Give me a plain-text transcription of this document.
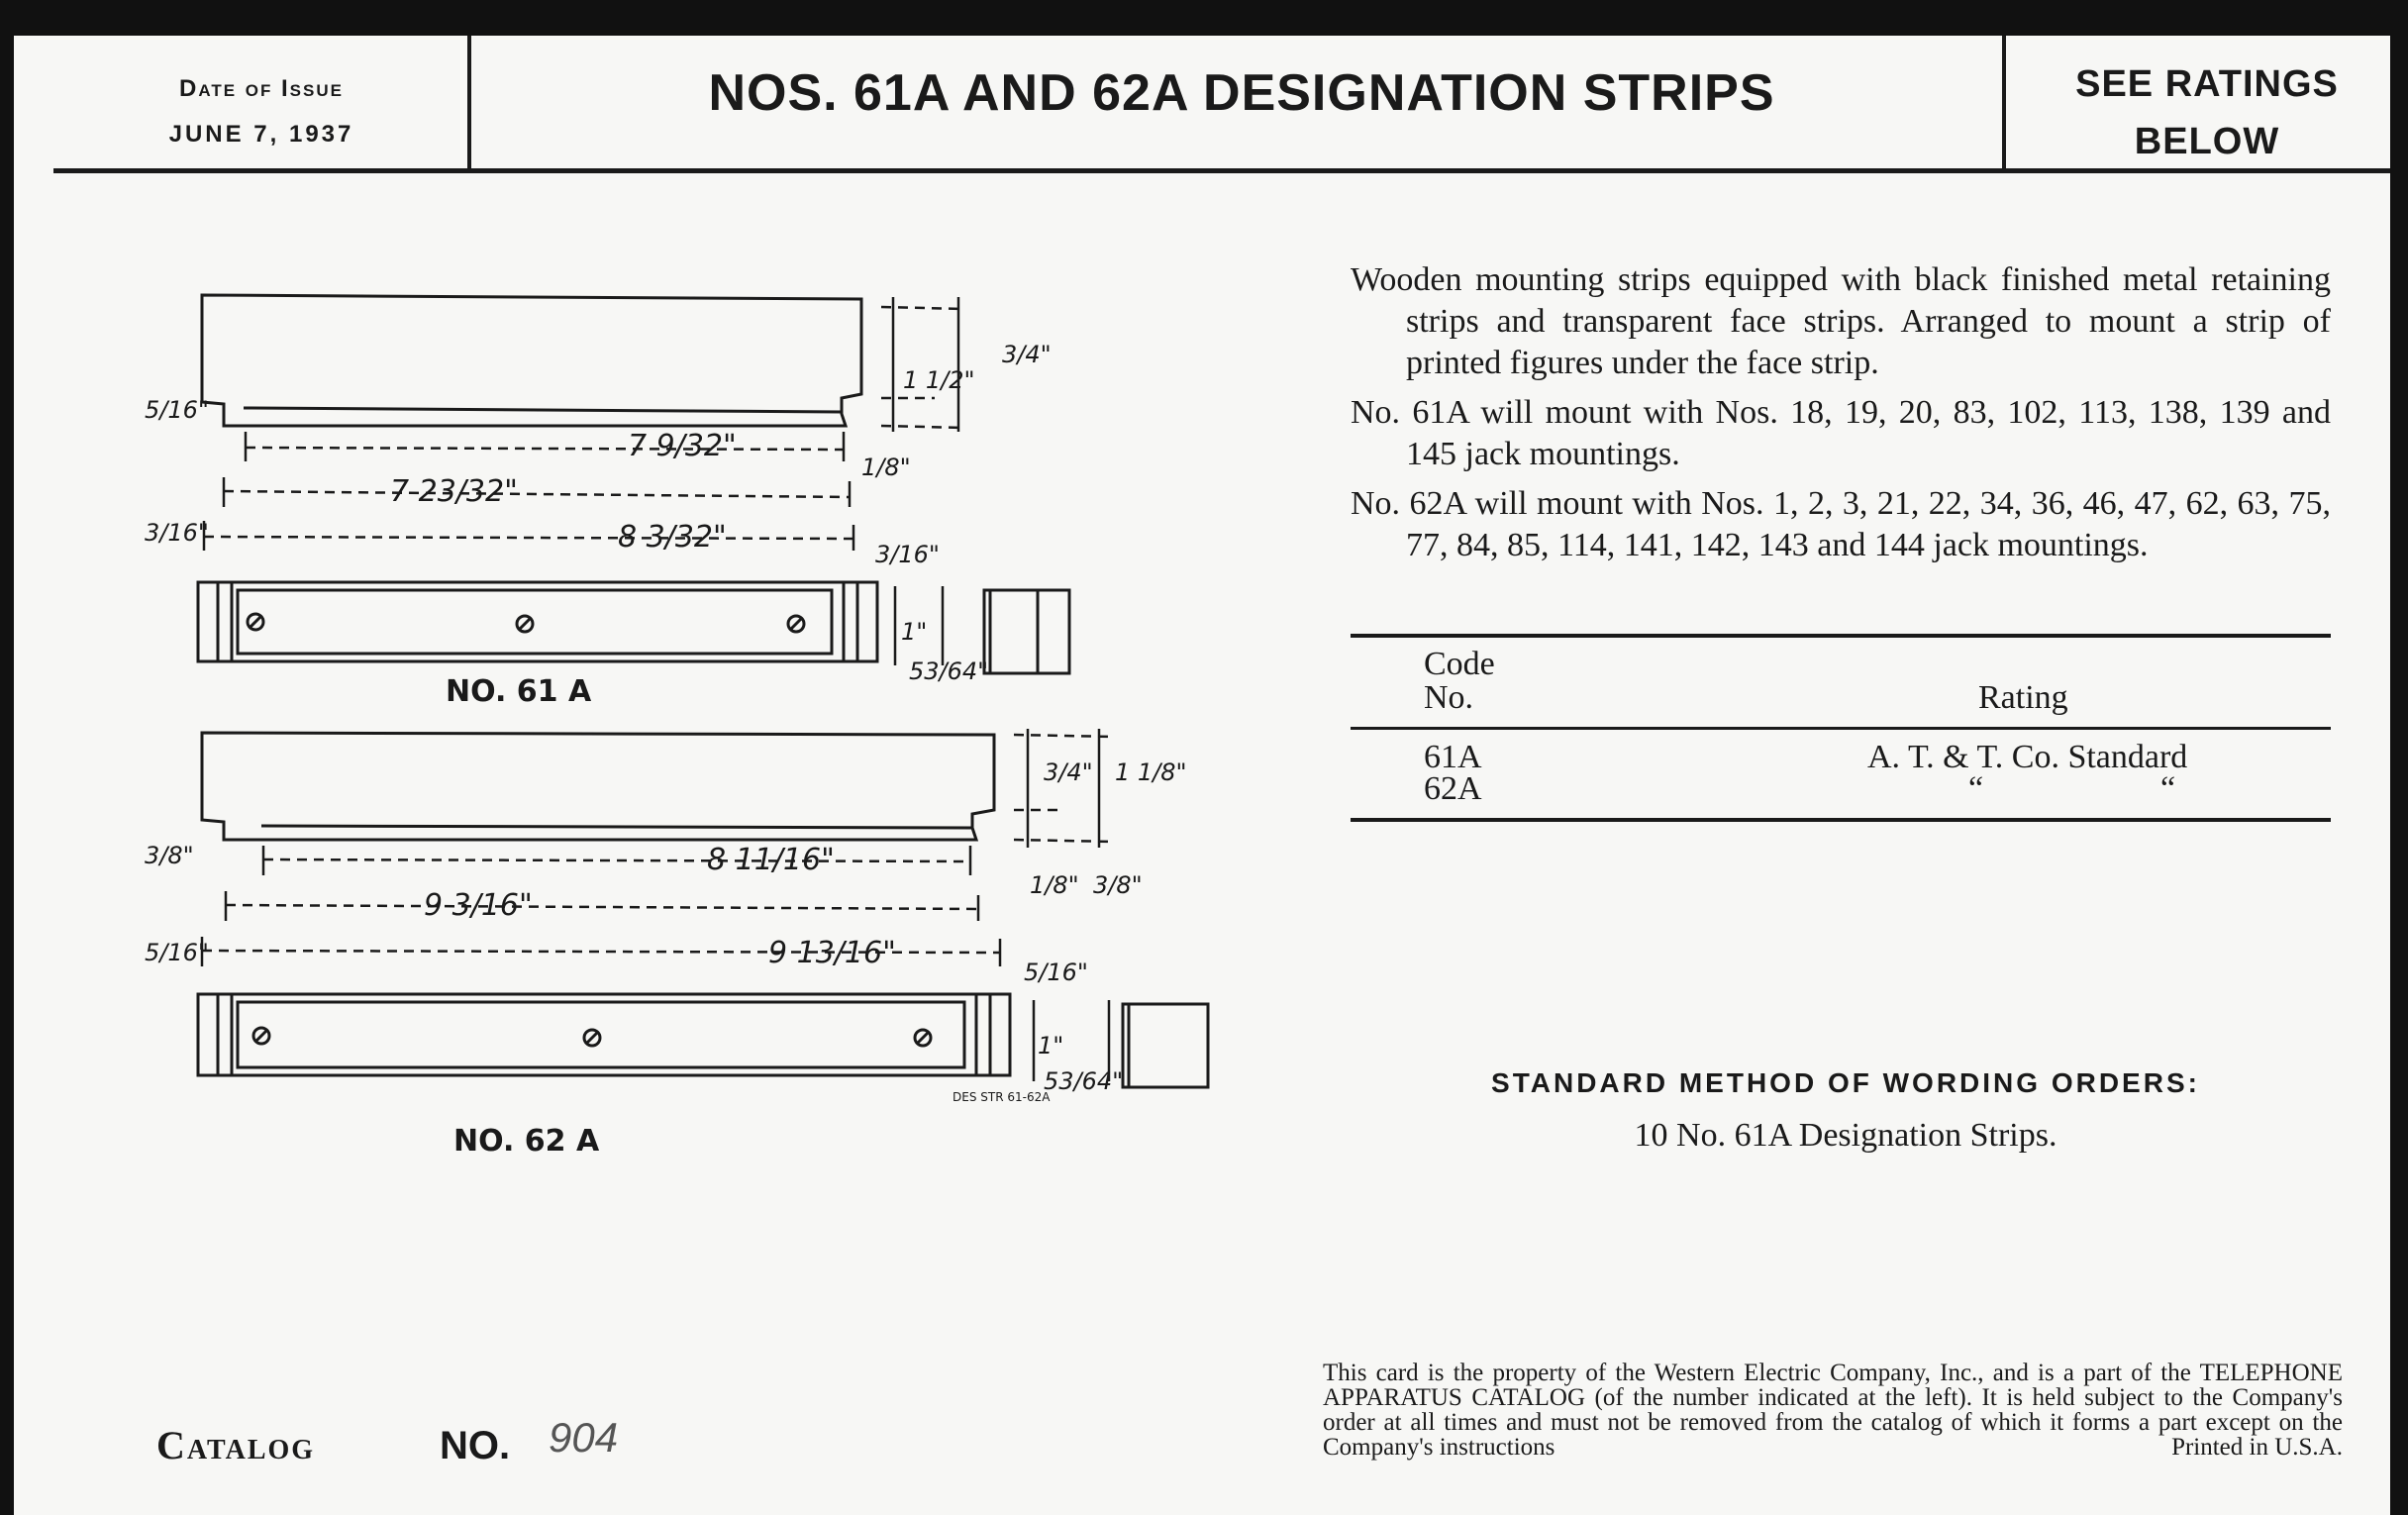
Date of Issue
JUNE 7, 1937
NOS. 61A AND 62A DESIGNATION STRIPS	SEE RATINGS
BELOW
NO. 61 A
7 9/32"
7 23/32"
8 3/32"
5/16"
3/16"
1/8"
3/16"
3/4"
1 1/2"
1"
53/64"
NO. 62 A
8 11/16"
9 3/16"
9 13/16"
3/8"
5/16"
1/8" 3/8"
5/16"
3/4" 1 1/8"
1"
53/64"
DES STR 61-62A

Wooden mounting strips equipped with black finished metal retaining strips and transparent face strips. Arranged to mount a strip of printed figures under the face strip.

No. 61A will mount with Nos. 18, 19, 20, 83, 102, 113, 138, 139 and 145 jack mountings.

No. 62A will mount with Nos. 1, 2, 3, 21, 22, 34, 36, 46, 47, 62, 63, 75, 77, 84, 85, 114, 141, 142, 143 and 144 jack mountings.

Code
No.	Rating
61A	A. T. & T. Co. Standard
62A	“	“
STANDARD METHOD OF WORDING ORDERS:
10 No. 61A Designation Strips.
This card is the property of the Western Electric Company, Inc., and is a part of the TELEPHONE APPARATUS CATALOG (of the number indicated at the left). It is held subject to the Company's order at all times and must not be removed from the catalog of which it forms a part except on the Company's instructions	Printed in U.S.A.
Catalog	NO. 904
